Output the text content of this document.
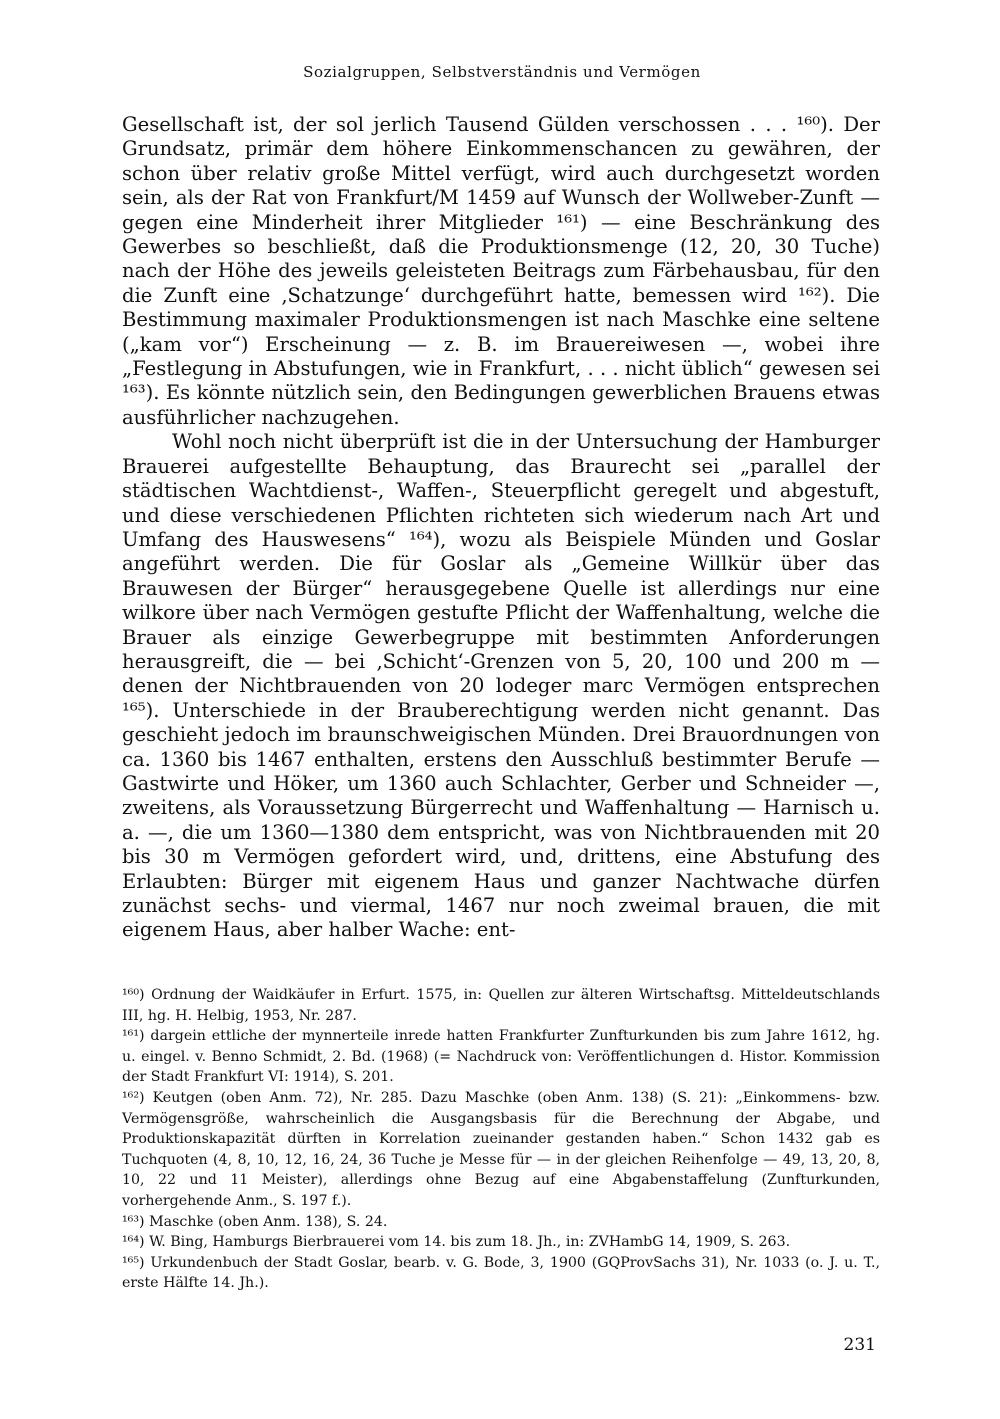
Sozialgruppen, Selbstverständnis und Vermögen

Gesellschaft ist, der sol jerlich Tausend Gülden verschossen . . . ¹⁶⁰). Der Grundsatz, primär dem höhere Einkommenschancen zu gewähren, der schon über relativ große Mittel verfügt, wird auch durchgesetzt worden sein, als der Rat von Frankfurt/M 1459 auf Wunsch der Wollweber-Zunft — gegen eine Minderheit ihrer Mitglieder ¹⁶¹) — eine Beschränkung des Gewerbes so beschließt, daß die Produktionsmenge (12, 20, 30 Tuche) nach der Höhe des jeweils geleisteten Beitrags zum Färbehausbau, für den die Zunft eine ‚Schatzunge‘ durchgeführt hatte, bemessen wird ¹⁶²). Die Bestimmung maximaler Produktionsmengen ist nach Maschke eine seltene („kam vor“) Erscheinung — z. B. im Brauereiwesen —, wobei ihre „Festlegung in Abstufungen, wie in Frankfurt, . . . nicht üblich“ gewesen sei ¹⁶³). Es könnte nützlich sein, den Bedingungen gewerblichen Brauens etwas ausführlicher nachzugehen.

Wohl noch nicht überprüft ist die in der Untersuchung der Hamburger Brauerei aufgestellte Behauptung, das Braurecht sei „parallel der städtischen Wachtdienst-, Waffen-, Steuerpflicht geregelt und abgestuft, und diese verschiedenen Pflichten richteten sich wiederum nach Art und Umfang des Hauswesens“ ¹⁶⁴), wozu als Beispiele Münden und Goslar angeführt werden. Die für Goslar als „Gemeine Willkür über das Brauwesen der Bürger“ herausgegebene Quelle ist allerdings nur eine wilkore über nach Vermögen gestufte Pflicht der Waffenhaltung, welche die Brauer als einzige Gewerbegruppe mit bestimmten Anforderungen herausgreift, die — bei ‚Schicht‘-Grenzen von 5, 20, 100 und 200 m — denen der Nichtbrauenden von 20 lodeger marc Vermögen entsprechen ¹⁶⁵). Unterschiede in der Brauberechtigung werden nicht genannt. Das geschieht jedoch im braunschweigischen Münden. Drei Brauordnungen von ca. 1360 bis 1467 enthalten, erstens den Ausschluß bestimmter Berufe — Gastwirte und Höker, um 1360 auch Schlachter, Gerber und Schneider —, zweitens, als Voraussetzung Bürgerrecht und Waffenhaltung — Harnisch u. a. —, die um 1360—1380 dem entspricht, was von Nichtbrauenden mit 20 bis 30 m Vermögen gefordert wird, und, drittens, eine Abstufung des Erlaubten: Bürger mit eigenem Haus und ganzer Nachtwache dürfen zunächst sechs- und viermal, 1467 nur noch zweimal brauen, die mit eigenem Haus, aber halber Wache: ent-

¹⁶⁰) Ordnung der Waidkäufer in Erfurt. 1575, in: Quellen zur älteren Wirtschaftsg. Mitteldeutschlands III, hg. H. Helbig, 1953, Nr. 287.

¹⁶¹) dargein ettliche der mynnerteile inrede hatten Frankfurter Zunfturkunden bis zum Jahre 1612, hg. u. eingel. v. Benno Schmidt, 2. Bd. (1968) (= Nachdruck von: Veröffentlichungen d. Histor. Kommission der Stadt Frankfurt VI: 1914), S. 201.

¹⁶²) Keutgen (oben Anm. 72), Nr. 285. Dazu Maschke (oben Anm. 138) (S. 21): „Einkommens- bzw. Vermögensgröße, wahrscheinlich die Ausgangsbasis für die Berechnung der Abgabe, und Produktionskapazität dürften in Korrelation zueinander gestanden haben.“ Schon 1432 gab es Tuchquoten (4, 8, 10, 12, 16, 24, 36 Tuche je Messe für — in der gleichen Reihenfolge — 49, 13, 20, 8, 10, 22 und 11 Meister), allerdings ohne Bezug auf eine Abgabenstaffelung (Zunfturkunden, vorhergehende Anm., S. 197 f.).

¹⁶³) Maschke (oben Anm. 138), S. 24.

¹⁶⁴) W. Bing, Hamburgs Bierbrauerei vom 14. bis zum 18. Jh., in: ZVHambG 14, 1909, S. 263.

¹⁶⁵) Urkundenbuch der Stadt Goslar, bearb. v. G. Bode, 3, 1900 (GQProvSachs 31), Nr. 1033 (o. J. u. T., erste Hälfte 14. Jh.).

231
